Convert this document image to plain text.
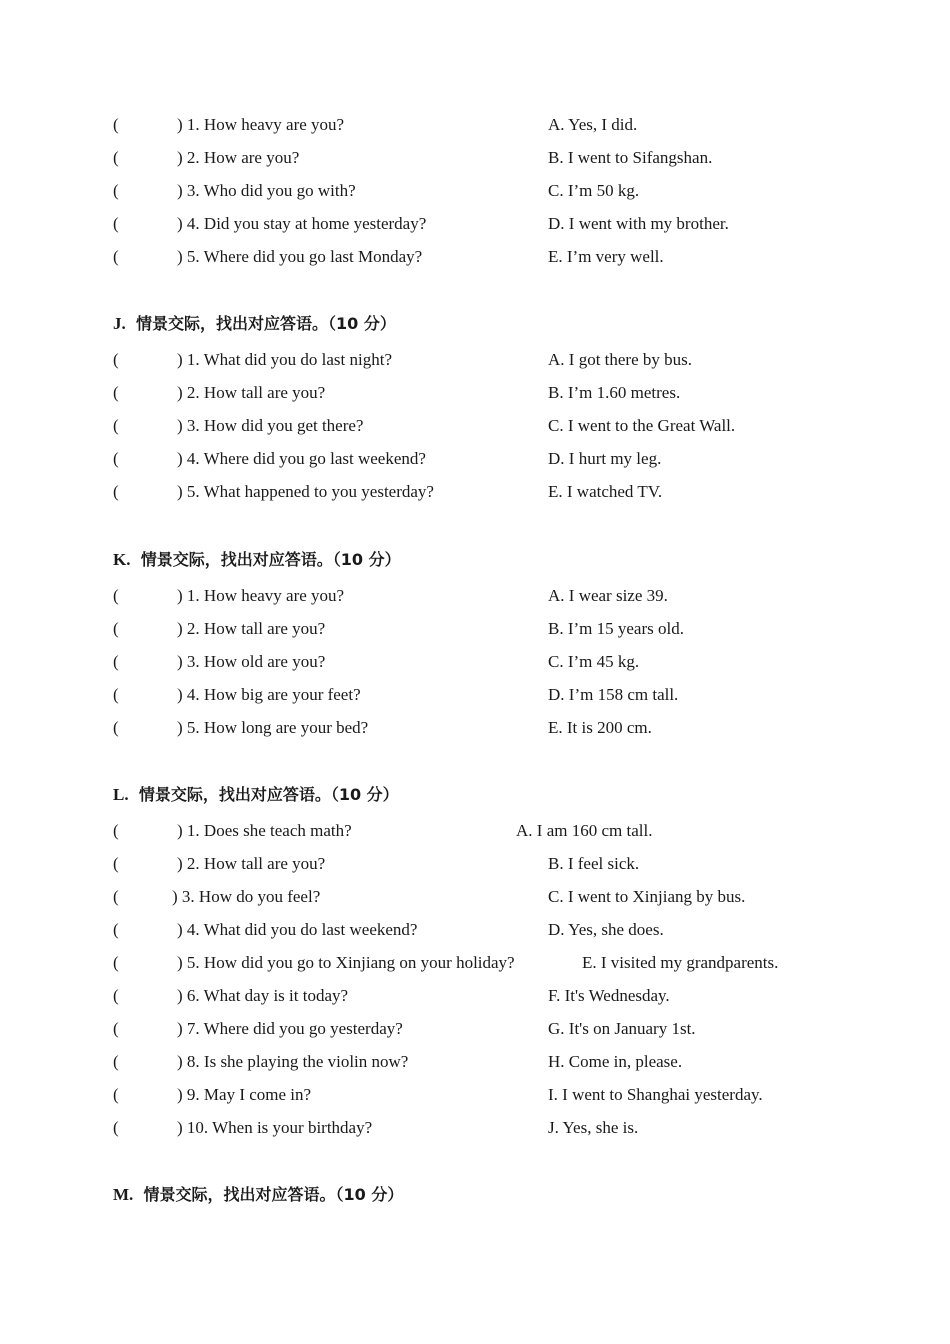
(	) 1. How heavy are you?	A. Yes, I did.
(	) 2. How are you?	B. I went to Sifangshan.
(	) 3. Who did you go with?	C. I’m 50 kg.
(	) 4. Did you stay at home yesterday?	D. I went with my brother.
(	) 5. Where did you go last Monday?	E. I’m very well.
J. 情景交际，找出对应答语。（10 分）
(	) 1. What did you do last night?	A. I got there by bus.
(	) 2. How tall are you?	B. I’m 1.60 metres.
(	) 3. How did you get there?	C. I went to the Great Wall.
(	) 4. Where did you go last weekend?	D. I hurt my leg.
(	) 5. What happened to you yesterday?	E. I watched TV.
K. 情景交际，找出对应答语。（10 分）
(	) 1. How heavy are you?	A. I wear size 39.
(	) 2. How tall are you?	B. I’m 15 years old.
(	) 3. How old are you?	C. I’m 45 kg.
(	) 4. How big are your feet?	D. I’m 158 cm tall.
(	) 5. How long are your bed?	E. It is 200 cm.
L. 情景交际，找出对应答语。（10 分）
(	) 1. Does she teach math?	A. I am 160 cm tall.
(	) 2. How tall are you?	B. I feel sick.
(	) 3. How do you feel?	C. I went to Xinjiang by bus.
(	) 4. What did you do last weekend?	D. Yes, she does.
(	) 5. How did you go to Xinjiang on your holiday?	E. I visited my grandparents.
(	) 6. What day is it today?	F. It's Wednesday.
(	) 7. Where did you go yesterday?	G. It's on January 1st.
(	) 8. Is she playing the violin now?	H. Come in, please.
(	) 9. May I come in?	I. I went to Shanghai yesterday.
(	) 10. When is your birthday?	J. Yes, she is.
M. 情景交际，找出对应答语。（10 分）
